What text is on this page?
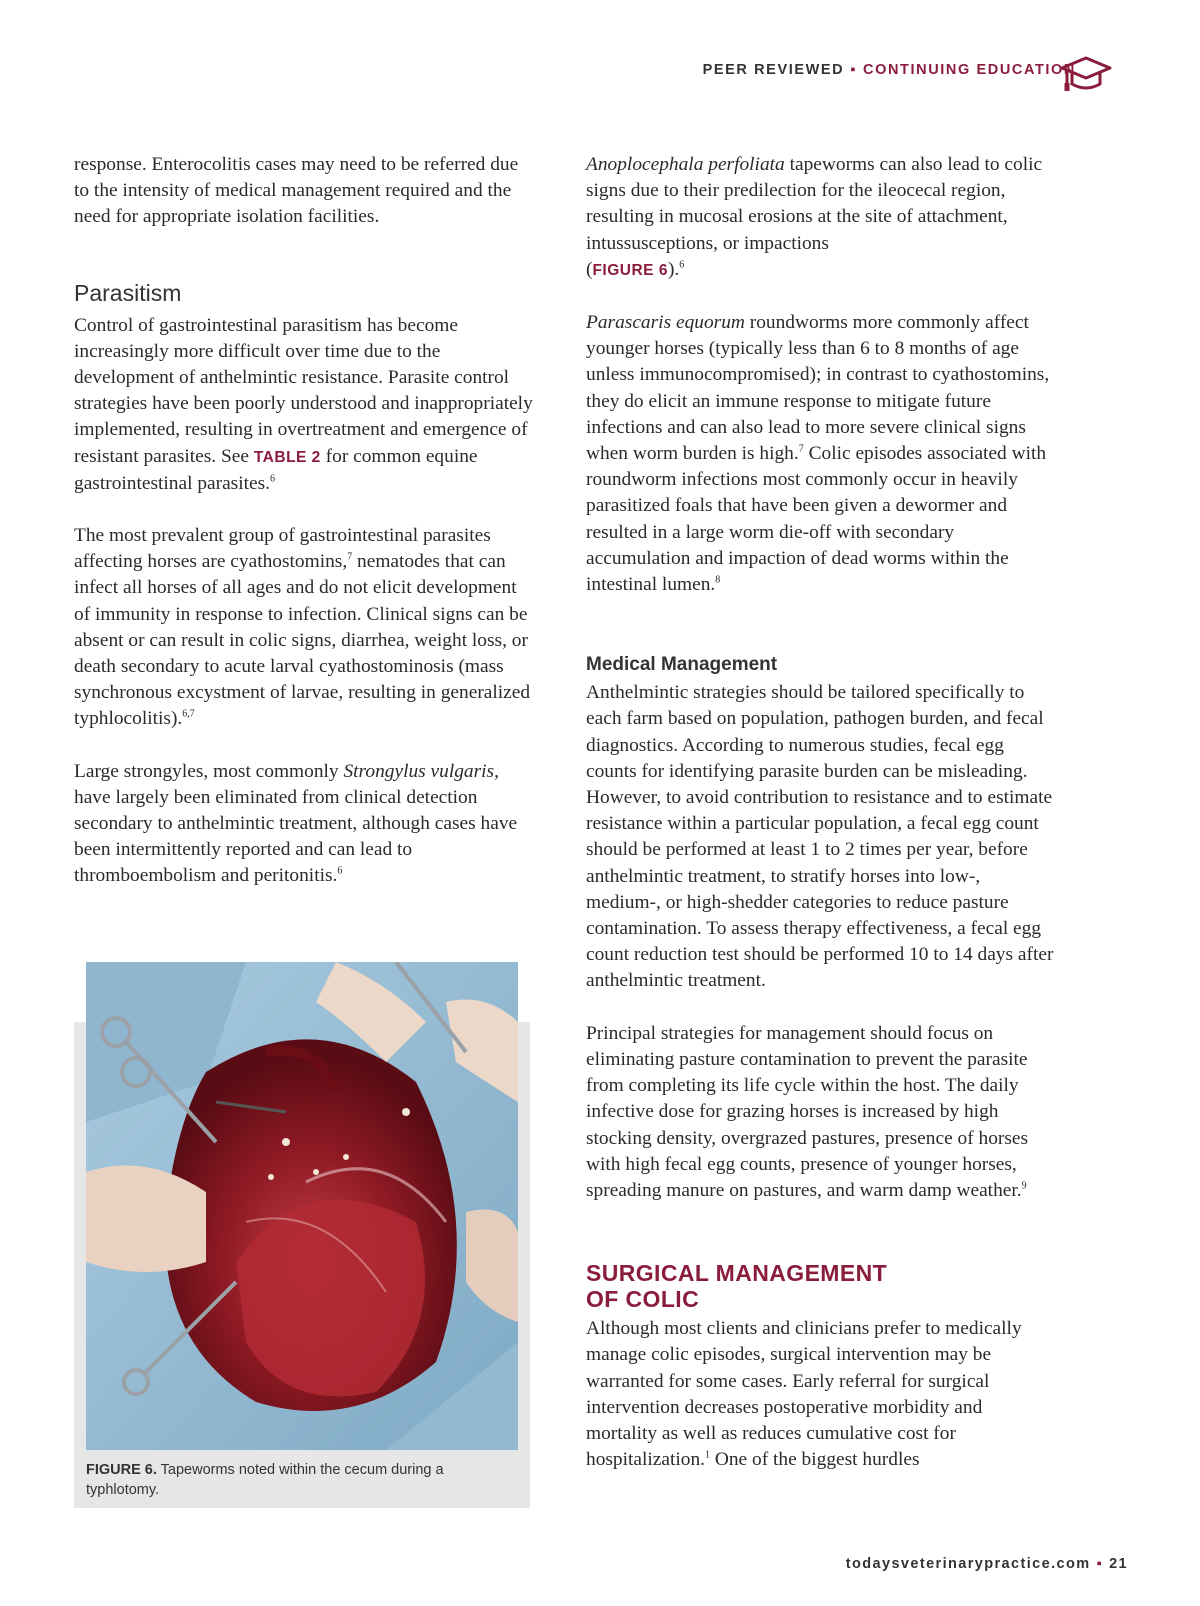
PEER REVIEWED ▪ CONTINUING EDUCATION

response. Enterocolitis cases may need to be referred due to the intensity of medical management required and the need for appropriate isolation facilities.

Parasitism

Control of gastrointestinal parasitism has become increasingly more difficult over time due to the development of anthelmintic resistance. Parasite control strategies have been poorly understood and inappropriately implemented, resulting in overtreatment and emergence of resistant parasites. See TABLE 2 for common equine gastrointestinal parasites.$^6$

The most prevalent group of gastrointestinal parasites affecting horses are cyathostomins,$^7$ nematodes that can infect all horses of all ages and do not elicit development of immunity in response to infection. Clinical signs can be absent or can result in colic signs, diarrhea, weight loss, or death secondary to acute larval cyathostominosis (mass synchronous excystment of larvae, resulting in generalized typhlocolitis).$^{6,7}$

Large strongyles, most commonly Strongylus vulgaris, have largely been eliminated from clinical detection secondary to anthelmintic treatment, although cases have been intermittently reported and can lead to thromboembolism and peritonitis.$^6$

FIGURE 6. Tapeworms noted within the cecum during a typhlotomy.

Anoplocephala perfoliata tapeworms can also lead to colic signs due to their predilection for the ileocecal region, resulting in mucosal erosions at the site of attachment, intussusceptions, or impactions
(FIGURE 6).$^6$

Parascaris equorum roundworms more commonly affect younger horses (typically less than 6 to 8 months of age unless immunocompromised); in contrast to cyathostomins, they do elicit an immune response to mitigate future infections and can also lead to more severe clinical signs when worm burden is high.$^7$ Colic episodes associated with roundworm infections most commonly occur in heavily parasitized foals that have been given a dewormer and resulted in a large worm die-off with secondary accumulation and impaction of dead worms within the intestinal lumen.$^8$

Medical Management

Anthelmintic strategies should be tailored specifically to each farm based on population, pathogen burden, and fecal diagnostics. According to numerous studies, fecal egg counts for identifying parasite burden can be misleading. However, to avoid contribution to resistance and to estimate resistance within a particular population, a fecal egg count should be performed at least 1 to 2 times per year, before anthelmintic treatment, to stratify horses into low-, medium-, or high-shedder categories to reduce pasture contamination. To assess therapy effectiveness, a fecal egg count reduction test should be performed 10 to 14 days after anthelmintic treatment.

Principal strategies for management should focus on eliminating pasture contamination to prevent the parasite from completing its life cycle within the host. The daily infective dose for grazing horses is increased by high stocking density, overgrazed pastures, presence of horses with high fecal egg counts, presence of younger horses, spreading manure on pastures, and warm damp weather.$^9$

SURGICAL MANAGEMENT
OF COLIC

Although most clients and clinicians prefer to medically manage colic episodes, surgical intervention may be warranted for some cases. Early referral for surgical intervention decreases postoperative morbidity and mortality as well as reduces cumulative cost for hospitalization.$^1$ One of the biggest hurdles

todaysveterinarypractice.com ▪ 21
